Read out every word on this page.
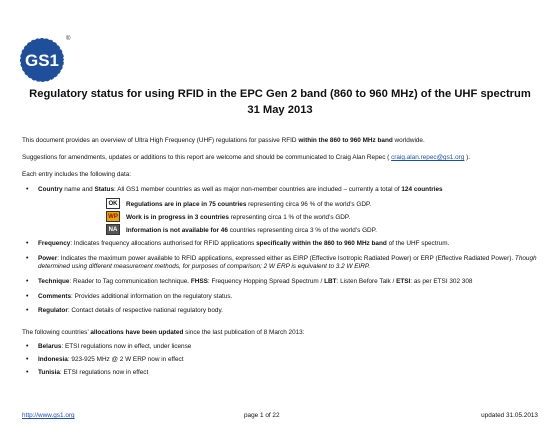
GS1
®
Regulatory status for using RFID in the EPC Gen 2 band (860 to 960 MHz) of the UHF spectrum
31 May 2013
This document provides an overview of Ultra High Frequency (UHF) regulations for passive RFID within the 860 to 960 MHz band worldwide.
Suggestions for amendments, updates or additions to this report are welcome and should be communicated to Craig Alan Repec ( craig.alan.repec@gs1.org ).
Each entry includes the following data:
• Country name and Status: All GS1 member countries as well as major non-member countries are included – currently a total of 124 countries
OK	Regulations are in place in 75 countries representing circa 96 % of the world’s GDP.
WP	Work is in progress in 3 countries representing circa 1 % of the world’s GDP.
NA	Information is not available for 46 countries representing circa 3 % of the world’s GDP.
• Frequency: Indicates frequency allocations authorised for RFID applications specifically within the 860 to 960 MHz band of the UHF spectrum.
• Power: Indicates the maximum power available to RFID applications, expressed either as EIRP (Effective Isotropic Radiated Power) or ERP (Effective Radiated Power). Though determined using different measurement methods, for purposes of comparison; 2 W ERP is equivalent to 3.2 W EIRP.
• Technique: Reader to Tag communication technique. FHSS: Frequency Hopping Spread Spectrum / LBT: Listen Before Talk / ETSI: as per ETSI 302 308
• Comments: Provides additional information on the regulatory status.
• Regulator: Contact details of respective national regulatory body.
The following countries’ allocations have been updated since the last publication of 8 March 2013:
• Belarus: ETSI regulations now in effect, under license
• Indonesia: 923-925 MHz @ 2 W ERP now in effect
• Tunisia: ETSI regulations now in effect
http://www.gs1.org	page 1 of 22	updated 31.05.2013
